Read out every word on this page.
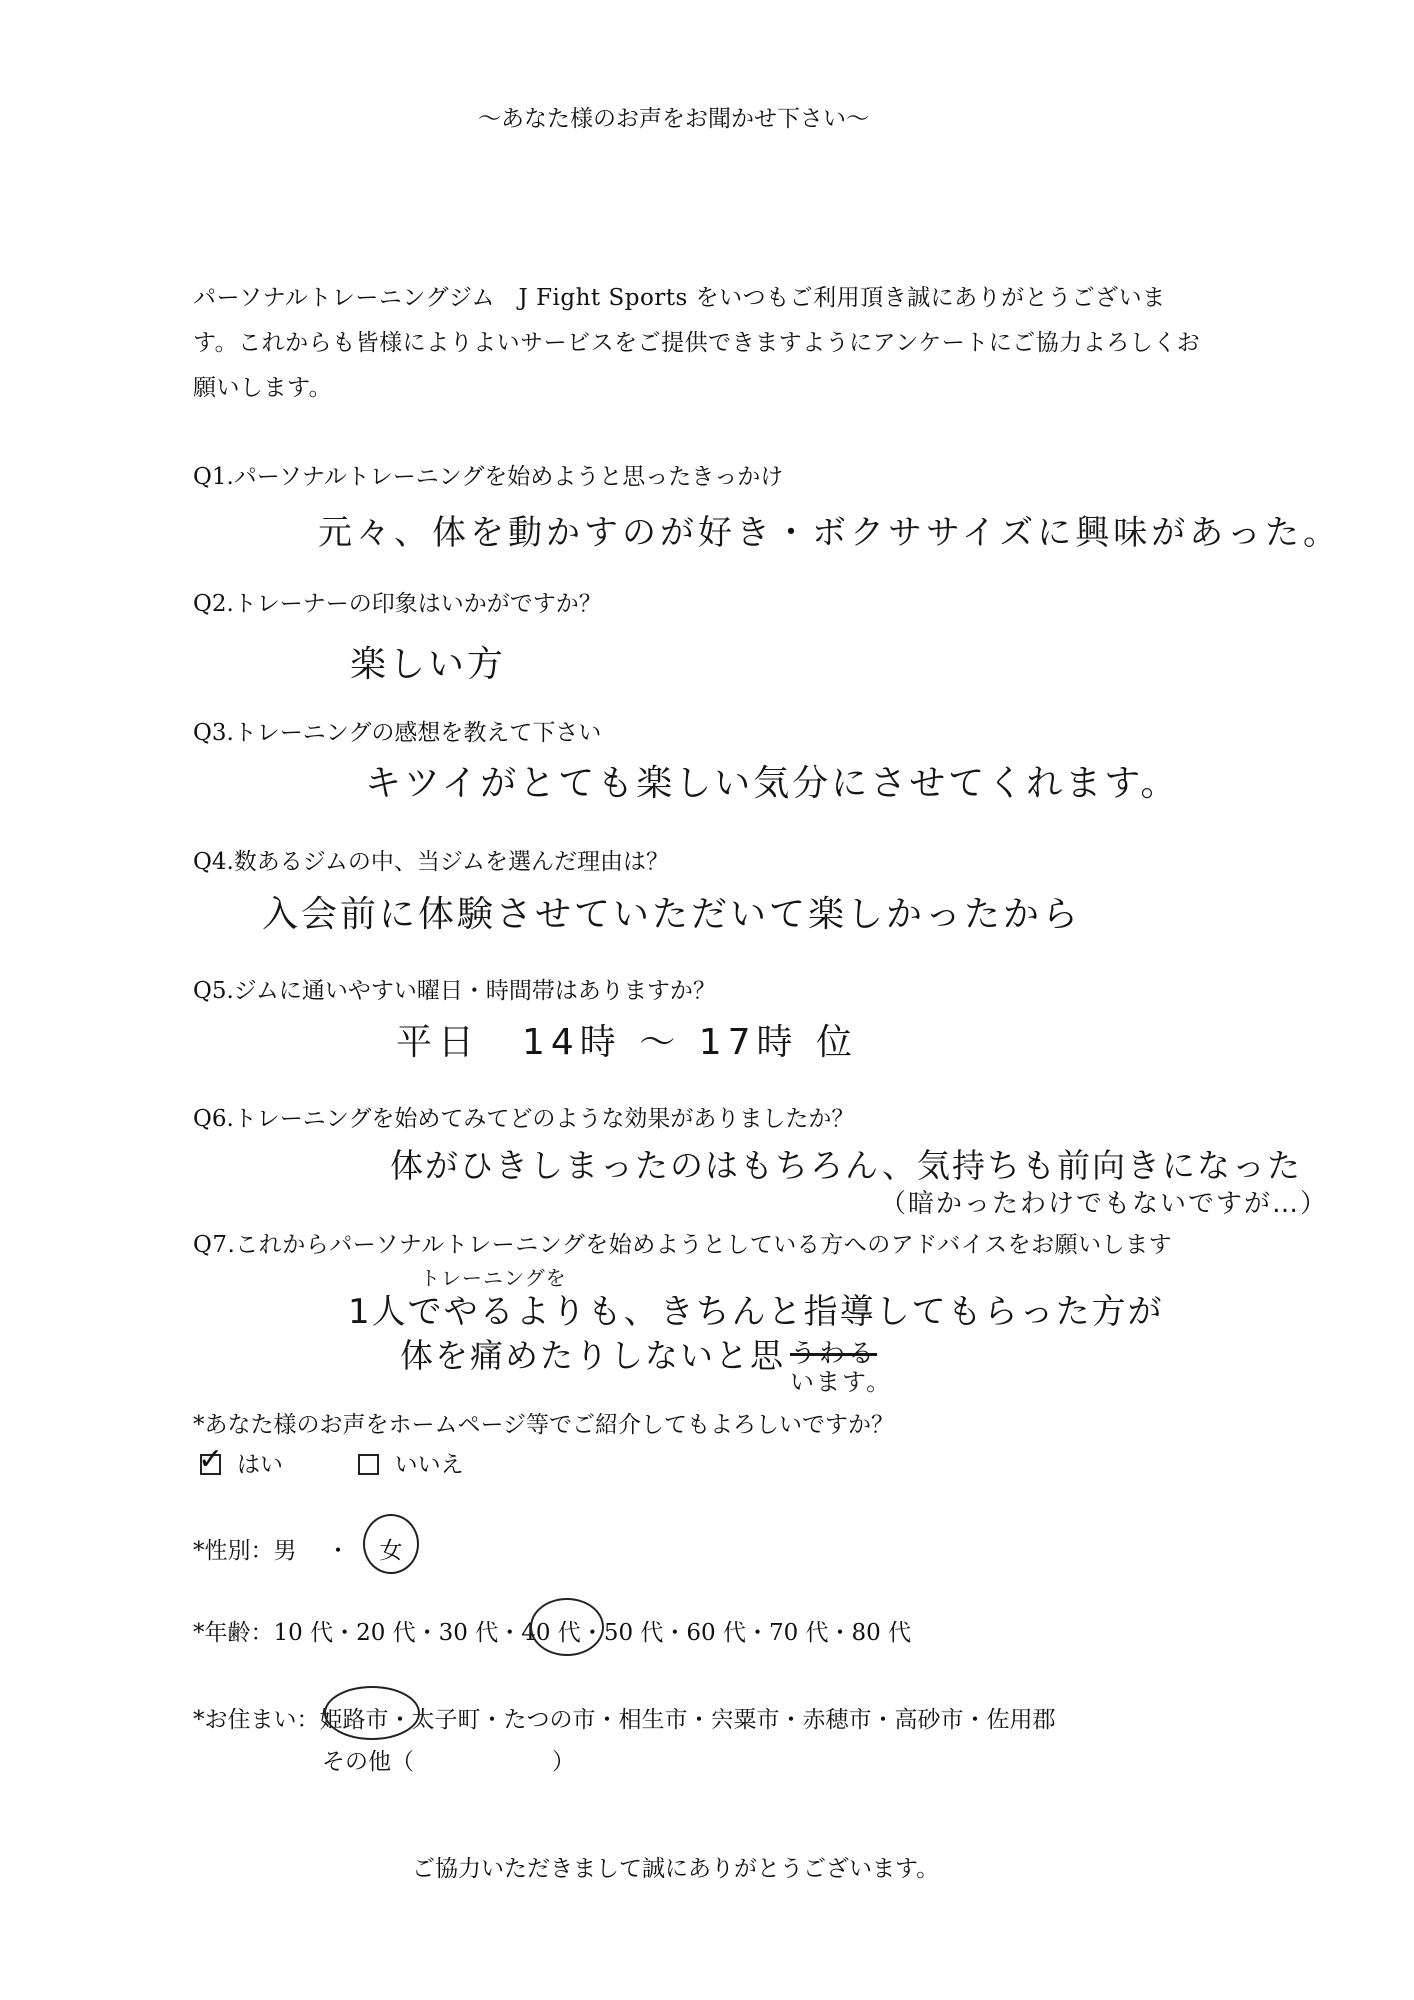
〜あなた様のお声をお聞かせ下さい〜
パーソナルトレーニングジム　J Fight Sports をいつもご利用頂き誠にありがとうございます。これからも皆様によりよいサービスをご提供できますようにアンケートにご協力よろしくお願いします。
Q1.パーソナルトレーニングを始めようと思ったきっかけ
元々、体を動かすのが好き・ボクササイズに興味があった。
Q2.トレーナーの印象はいかがですか？
楽しい方
Q3.トレーニングの感想を教えて下さい
キツイがとても楽しい気分にさせてくれます。
Q4.数あるジムの中、当ジムを選んだ理由は？
入会前に体験させていただいて楽しかったから
Q5.ジムに通いやすい曜日・時間帯はありますか？
平日　14時 〜 17時 位
Q6.トレーニングを始めてみてどのような効果がありましたか？
体がひきしまったのはもちろん、気持ちも前向きになった
（暗かったわけでもないですが…）
Q7.これからパーソナルトレーニングを始めようとしている方へのアドバイスをお願いします
トレーニングを
1人でやるよりも、きちんと指導してもらった方が
体を痛めたりしないと思 うわる
います。
*あなた様のお声をホームページ等でご紹介してもよろしいですか？
✓ はい	いいえ
*性別：男 ・ 女
*年齢：10 代・20 代・30 代・40 代・50 代・60 代・70 代・80 代
*お住まい：姫路市・太子町・たつの市・相生市・宍粟市・赤穂市・高砂市・佐用郡
その他（　　　　　　）
ご協力いただきまして誠にありがとうございます。
